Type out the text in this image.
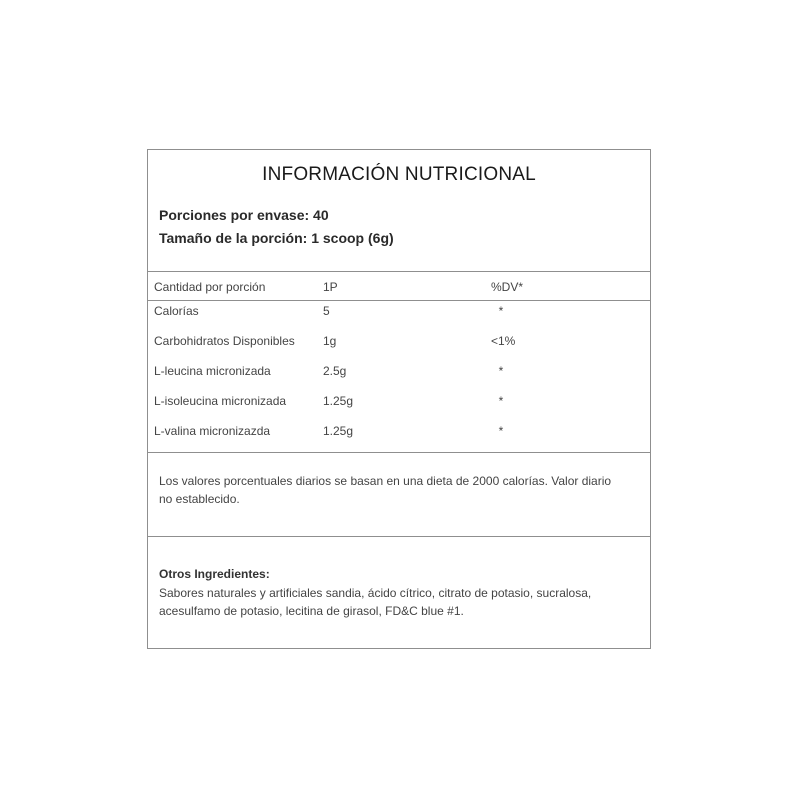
INFORMACIÓN NUTRICIONAL
Porciones por envase: 40
Tamaño de la porción: 1 scoop (6g)
Cantidad por porción	1P	%DV*
Calorías	5	*
Carbohidratos Disponibles 1g	<1%
L-leucina micronizada	2.5g	*
L-isoleucina micronizada	1.25g	*
L-valina micronizazda	1.25g	*
Los valores porcentuales diarios se basan en una dieta de 2000 calorías. Valor diario no establecido.
Otros Ingredientes:
Sabores naturales y artificiales sandia, ácido cítrico, citrato de potasio, sucralosa, acesulfamo de potasio, lecitina de girasol, FD&C blue #1.
